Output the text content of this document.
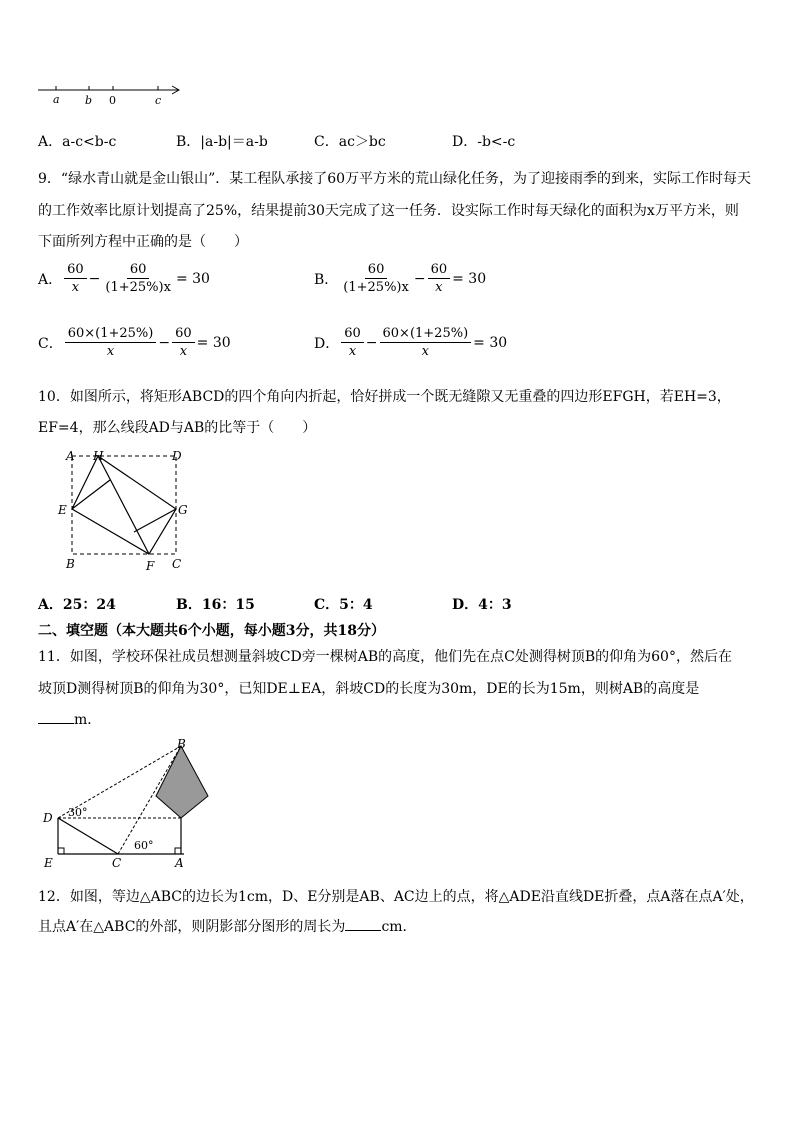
a b 0	c
A．a-c<b-c	B．|a-b|＝a-b	C．ac＞bc	D．-b<-c
9．“绿水青山就是金山银山”．某工程队承接了60万平方米的荒山绿化任务，为了迎接雨季的到来，实际工作时每天
的工作效率比原计划提高了25%，结果提前30天完成了这一任务．设实际工作时每天绿化的面积为x万平方米，则
下面所列方程中正确的是（　　）
A． $\frac{60}{x} - \frac{60}{(1+25\%)x} = 30$	B． $\frac{60}{(1+25\%)x} - \frac{60}{x} = 30$
C． $\frac{60\times(1+25\%)}{x} - \frac{60}{x} = 30$	D． $\frac{60}{x} - \frac{60\times(1+25\%)}{x} = 30$
10．如图所示，将矩形ABCD的四个角向内折起，恰好拼成一个既无缝隙又无重叠的四边形EFGH，若EH=3，
EF=4，那么线段AD与AB的比等于（　　）
A H	D
E	G
B	F C
A．25：24	B．16：15	C．5：4	D．4：3
二、填空题（本大题共6个小题，每小题3分，共18分）
11．如图，学校环保社成员想测量斜坡CD旁一棵树AB的高度，他们先在点C处测得树顶B的仰角为60°，然后在
坡顶D测得树顶B的仰角为30°，已知DE⊥EA，斜坡CD的长度为30m，DE的长为15m，则树AB的高度是
m．
B
D 30°
60°
E	C	A
12．如图，等边△ABC的边长为1cm，D、E分别是AB、AC边上的点，将△ADE沿直线DE折叠，点A落在点A′处，
且点A′在△ABC的外部，则阴影部分图形的周长为	cm．
